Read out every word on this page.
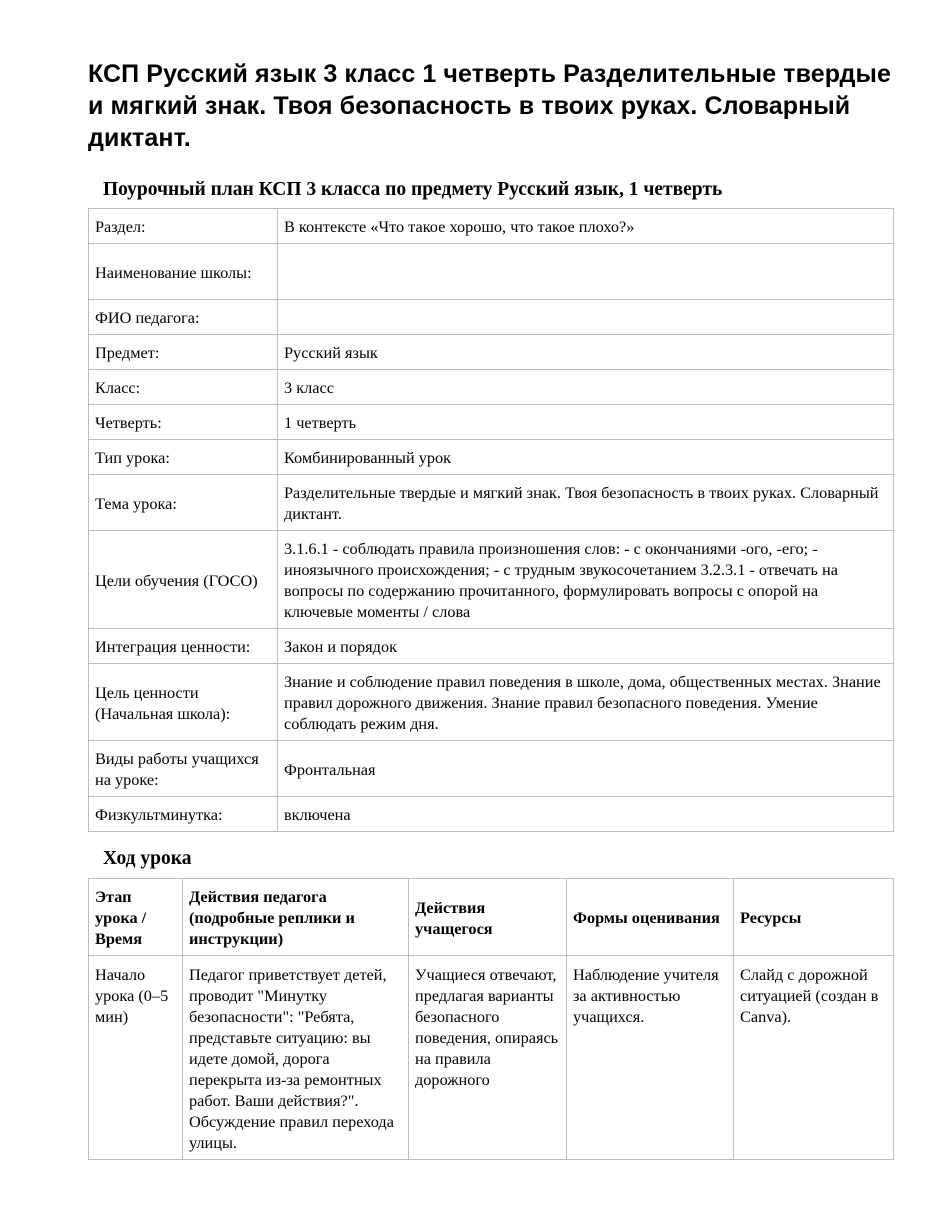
КСП Русский язык 3 класс 1 четверть Разделительные твердые и мягкий знак. Твоя безопасность в твоих руках. Словарный диктант.
Поурочный план КСП 3 класса по предмету Русский язык, 1 четверть
Раздел:	В контексте «Что такое хорошо, что такое плохо?»
Наименование школы:	
ФИО педагога:	
Предмет:	Русский язык
Класс:	3 класс
Четверть:	1 четверть
Тип урока:	Комбинированный урок
Тема урока:	Разделительные твердые и мягкий знак. Твоя безопасность в твоих руках. Словарный диктант.
Цели обучения (ГОСО)	3.1.6.1 - соблюдать правила произношения слов: - с окончаниями -ого, -его; - иноязычного происхождения; - с трудным звукосочетанием 3.2.3.1 - отвечать на вопросы по содержанию прочитанного, формулировать вопросы с опорой на ключевые моменты / слова
Интеграция ценности:	Закон и порядок
Цель ценности (Начальная школа):	Знание и соблюдение правил поведения в школе, дома, общественных местах. Знание правил дорожного движения. Знание правил безопасного поведения. Умение соблюдать режим дня.
Виды работы учащихся на уроке:	Фронтальная
Физкультминутка:	включена
Ход урока
Этап урока / Время	Действия педагога (подробные реплики и инструкции)	Действия учащегося	Формы оценивания	Ресурсы
Начало урока (0–5 мин)	Педагог приветствует детей, проводит "Минутку безопасности": "Ребята, представьте ситуацию: вы идете домой, дорога перекрыта из-за ремонтных работ. Ваши действия?". Обсуждение правил перехода улицы.	Учащиеся отвечают, предлагая варианты безопасного поведения, опираясь на правила дорожного	Наблюдение учителя за активностью учащихся.	Слайд с дорожной ситуацией (создан в Canva).
